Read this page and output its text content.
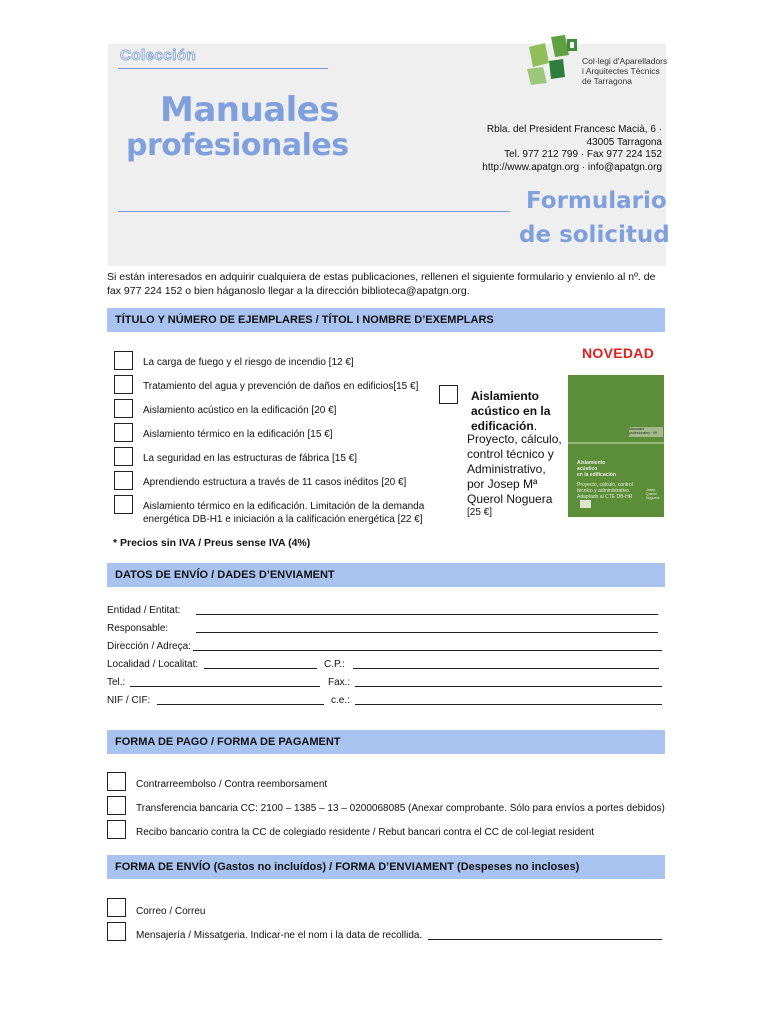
Colección
Manuales
profesionales
Col·legi d'Aparelladors
i Arquitectes Tècnics
de Tarragona
Rbla. del President Francesc Macià, 6 ·
43005 Tarragona
Tel. 977 212 799 · Fax 977 224 152
http://www.apatgn.org · info@apatgn.org
Formulario
de solicitud
Si están interesados en adquirir cualquiera de estas publicaciones, rellenen el siguiente formulario y envienlo al nº. de fax 977 224 152 o bien háganoslo llegar a la dirección biblioteca@apatgn.org.
TÍTULO Y NÚMERO DE EJEMPLARES / TÍTOL I NOMBRE D’EXEMPLARS
La carga de fuego y el riesgo de incendio [12 €]
Tratamiento del agua y prevención de daños en edificios[15 €]
Aislamiento acústico en la edificación [20 €]
Aislamiento térmico en la edificación [15 €]
La seguridad en las estructuras de fábrica [15 €]
Aprendiendo estructura a través de 11 casos inéditos [20 €]
Aislamiento térmico en la edificación. Limitación de la demanda
energética DB-H1 e iniciación a la calificación energética [22 €]
NOVEDAD
Aislamiento
acústico en la
edificación.
Proyecto, cálculo,
control técnico y
Administrativo,
por Josep Mª
Querol Noguera
[25 €]
Manuales profesionales · 09
Aislamiento
acústico
en la edificación
Proyecto, cálculo, control
técnico y administrativo.
Adaptado al CTE DB-HR
Josep
Querol
Noguera
* Precios sin IVA / Preus sense IVA (4%)
DATOS DE ENVÍO / DADES D’ENVIAMENT
Entidad / Entitat:
Responsable:
Dirección / Adreça:
Localidad / Localitat:	C.P.:
Tel.:	Fax.:
NIF / CIF:	c.e.:
FORMA DE PAGO / FORMA DE PAGAMENT
Contrarreembolso / Contra reemborsament
Transferencia bancaria CC: 2100 – 1385 – 13 – 0200068085 (Anexar comprobante. Sólo para envíos a portes debidos)
Recibo bancario contra la CC de colegiado residente / Rebut bancari contra el CC de col·legiat resident
FORMA DE ENVÍO (Gastos no incluídos) / FORMA D’ENVIAMENT (Despeses no incloses)
Correo / Correu
Mensajería / Missatgeria. Indicar-ne el nom i la data de recollida.
